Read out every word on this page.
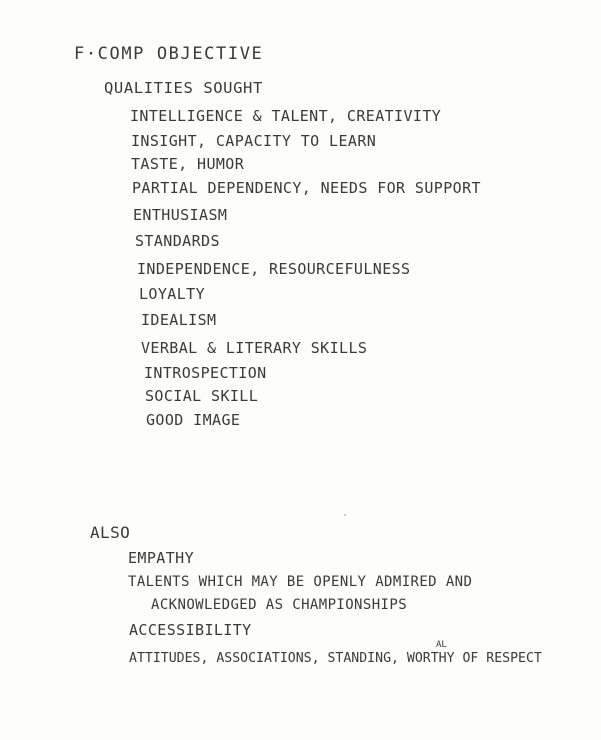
F·COMP OBJECTIVE
QUALITIES SOUGHT
INTELLIGENCE & TALENT, CREATIVITY
INSIGHT, CAPACITY TO LEARN
TASTE, HUMOR
PARTIAL DEPENDENCY, NEEDS FOR SUPPORT
ENTHUSIASM
STANDARDS
INDEPENDENCE, RESOURCEFULNESS
LOYALTY
IDEALISM
VERBAL & LITERARY SKILLS
INTROSPECTION
SOCIAL SKILL
GOOD IMAGE
ALSO
EMPATHY
TALENTS WHICH MAY BE OPENLY ADMIRED AND
ACKNOWLEDGED AS CHAMPIONSHIPS
ACCESSIBILITY
ATTITUDES, ASSOCIATIONS, STANDING, WORTHY OF RESPECT
AL
